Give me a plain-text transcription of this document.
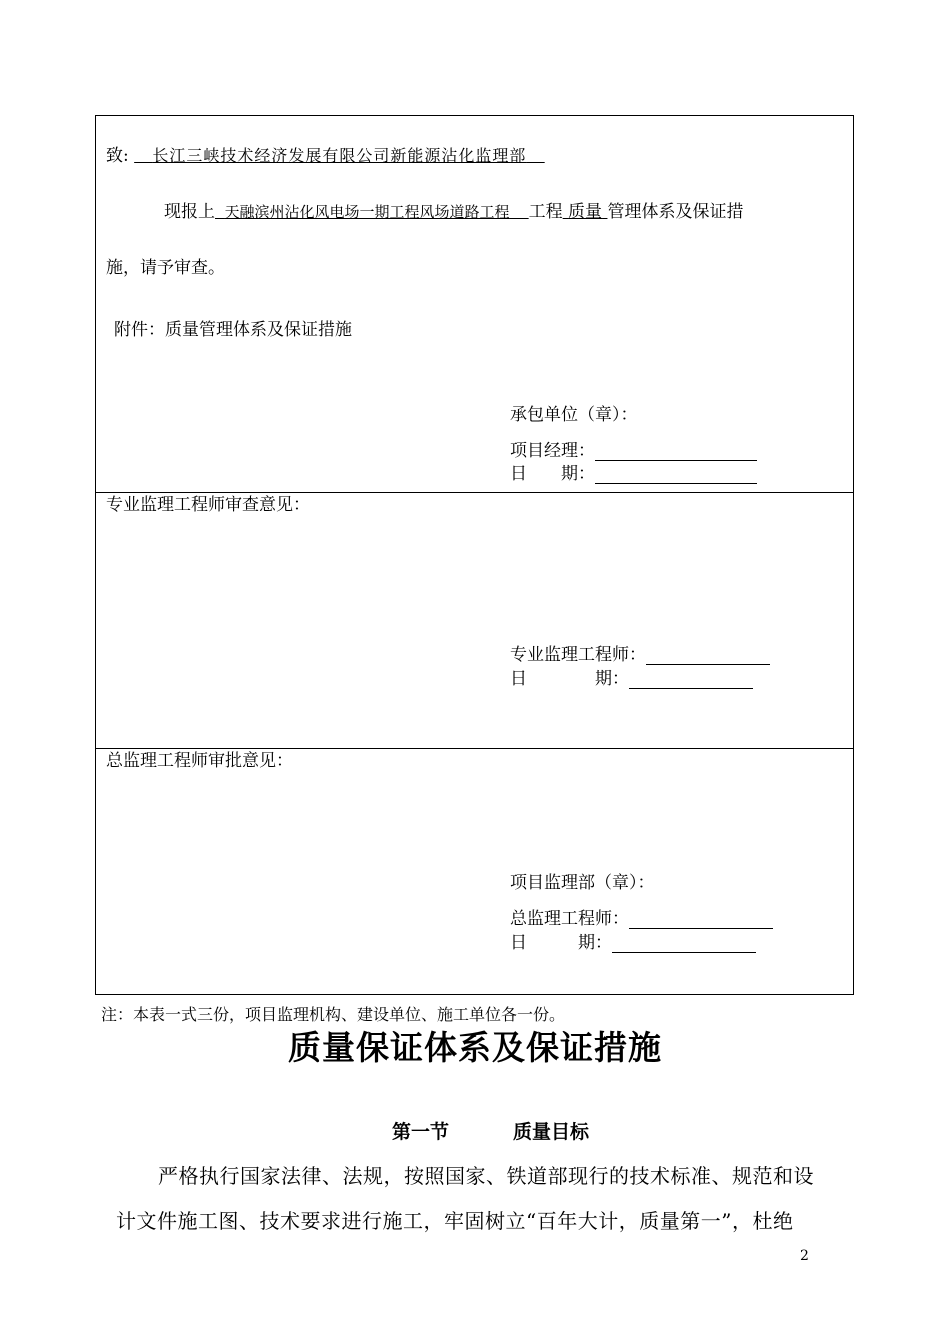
致: 长江三峡技术经济发展有限公司新能源沾化监理部
现报上 天融滨州沾化风电场一期工程风场道路工程 工程 质量 管理体系及保证措
施，请予审查。
附件：质量管理体系及保证措施
承包单位（章）：
项目经理：
日　　期：
专业监理工程师审查意见：
专业监理工程师：
日　　　　期：
总监理工程师审批意见：
项目监理部（章）：
总监理工程师：
日　　　期：
注：本表一式三份，项目监理机构、建设单位、施工单位各一份。
质量保证体系及保证措施
第一节	质量目标
严格执行国家法律、法规，按照国家、铁道部现行的技术标准、规范和设
计文件施工图、技术要求进行施工，牢固树立“百年大计，质量第一”，杜绝
2
